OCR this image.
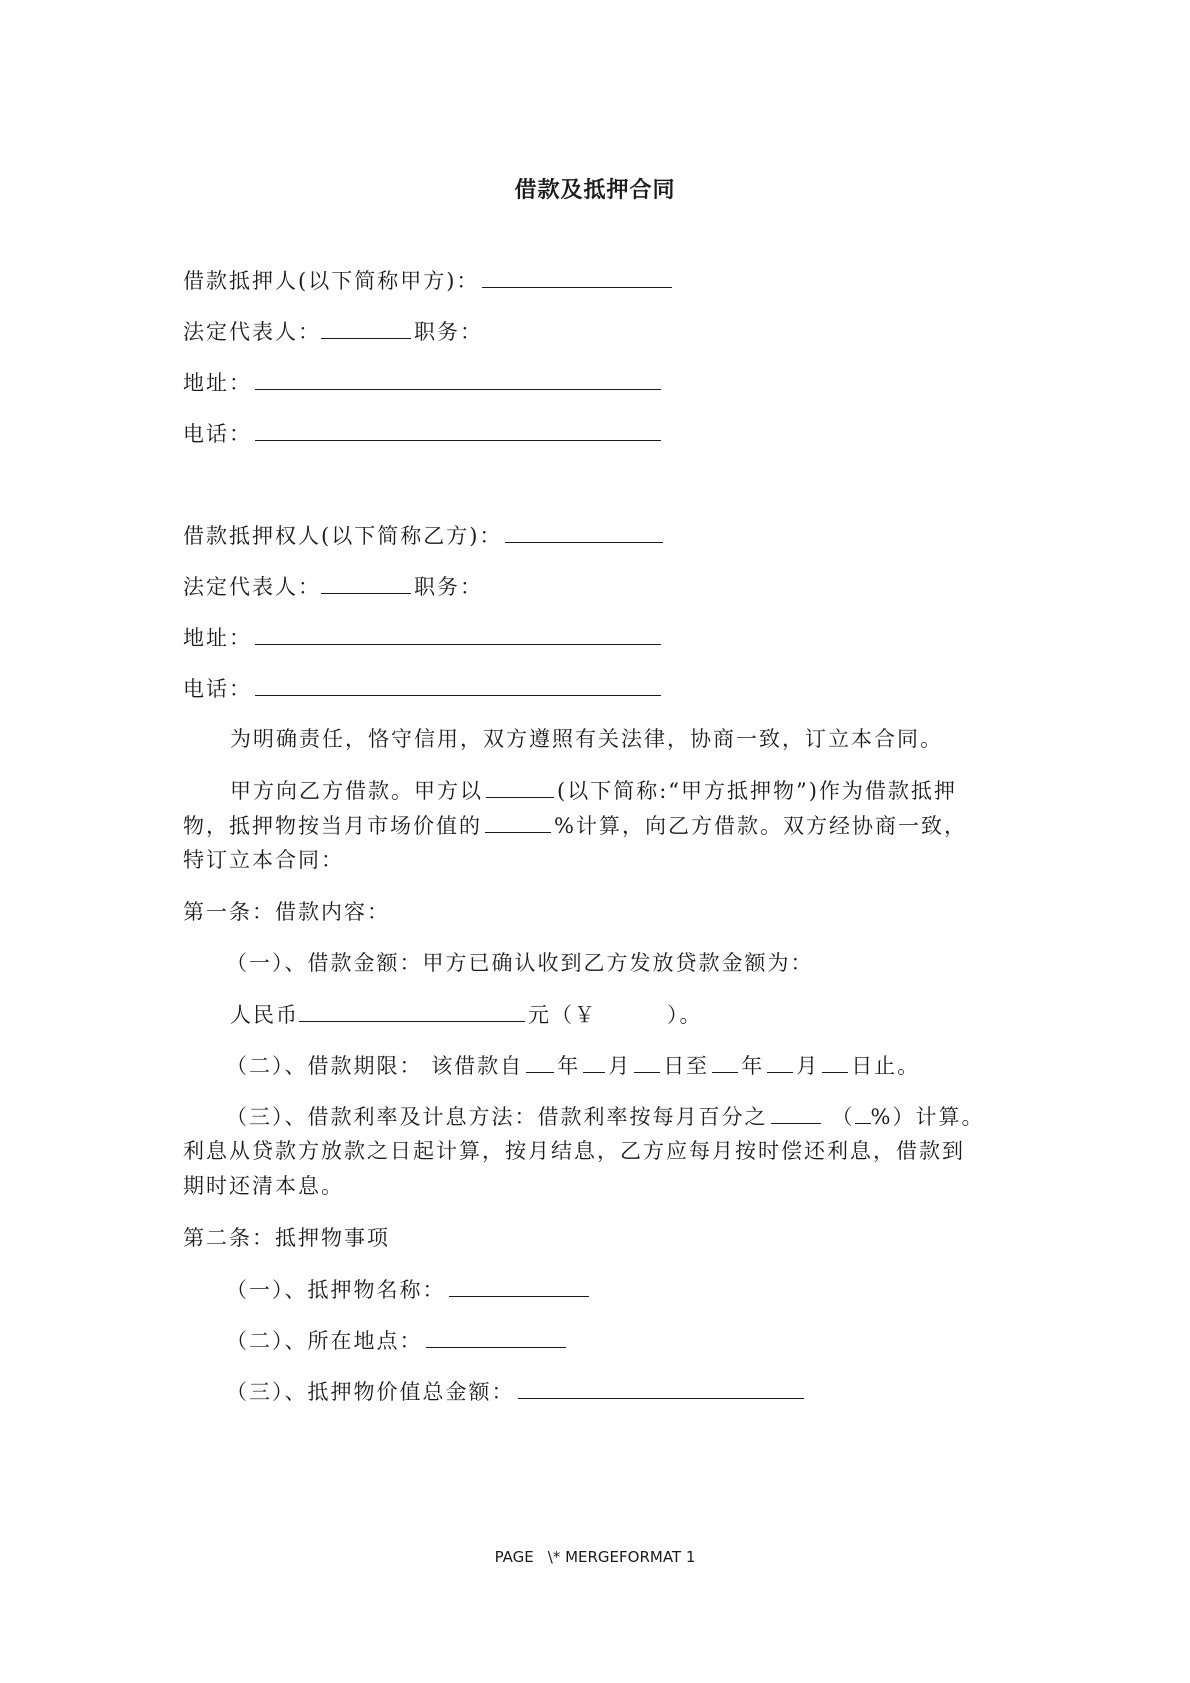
借款及抵押合同
借款抵押人(以下简称甲方)：
法定代表人：	职务：
地址：
电话：
借款抵押权人(以下简称乙方)：
法定代表人：	职务：
地址：
电话：
为明确责任，恪守信用，双方遵照有关法律，协商一致，订立本合同。
甲方向乙方借款。甲方以	(以下简称:“甲方抵押物”)作为借款抵押
物，抵押物按当月市场价值的	%计算，向乙方借款。双方经协商一致，
特订立本合同：
第一条：借款内容：
（一）、借款金额：甲方已确认收到乙方发放贷款金额为：
人民币	元（￥	）。
（二）、借款期限： 该借款自 年 月 日至 年 月 日止。
（三）、借款利率及计息方法：借款利率按每月百分之	（ %）计算。
利息从贷款方放款之日起计算，按月结息，乙方应每月按时偿还利息，借款到
期时还清本息。
第二条：抵押物事项
（一）、抵押物名称：
（二）、所在地点：
（三）、抵押物价值总金额：
PAGE \* MERGEFORMAT 1
